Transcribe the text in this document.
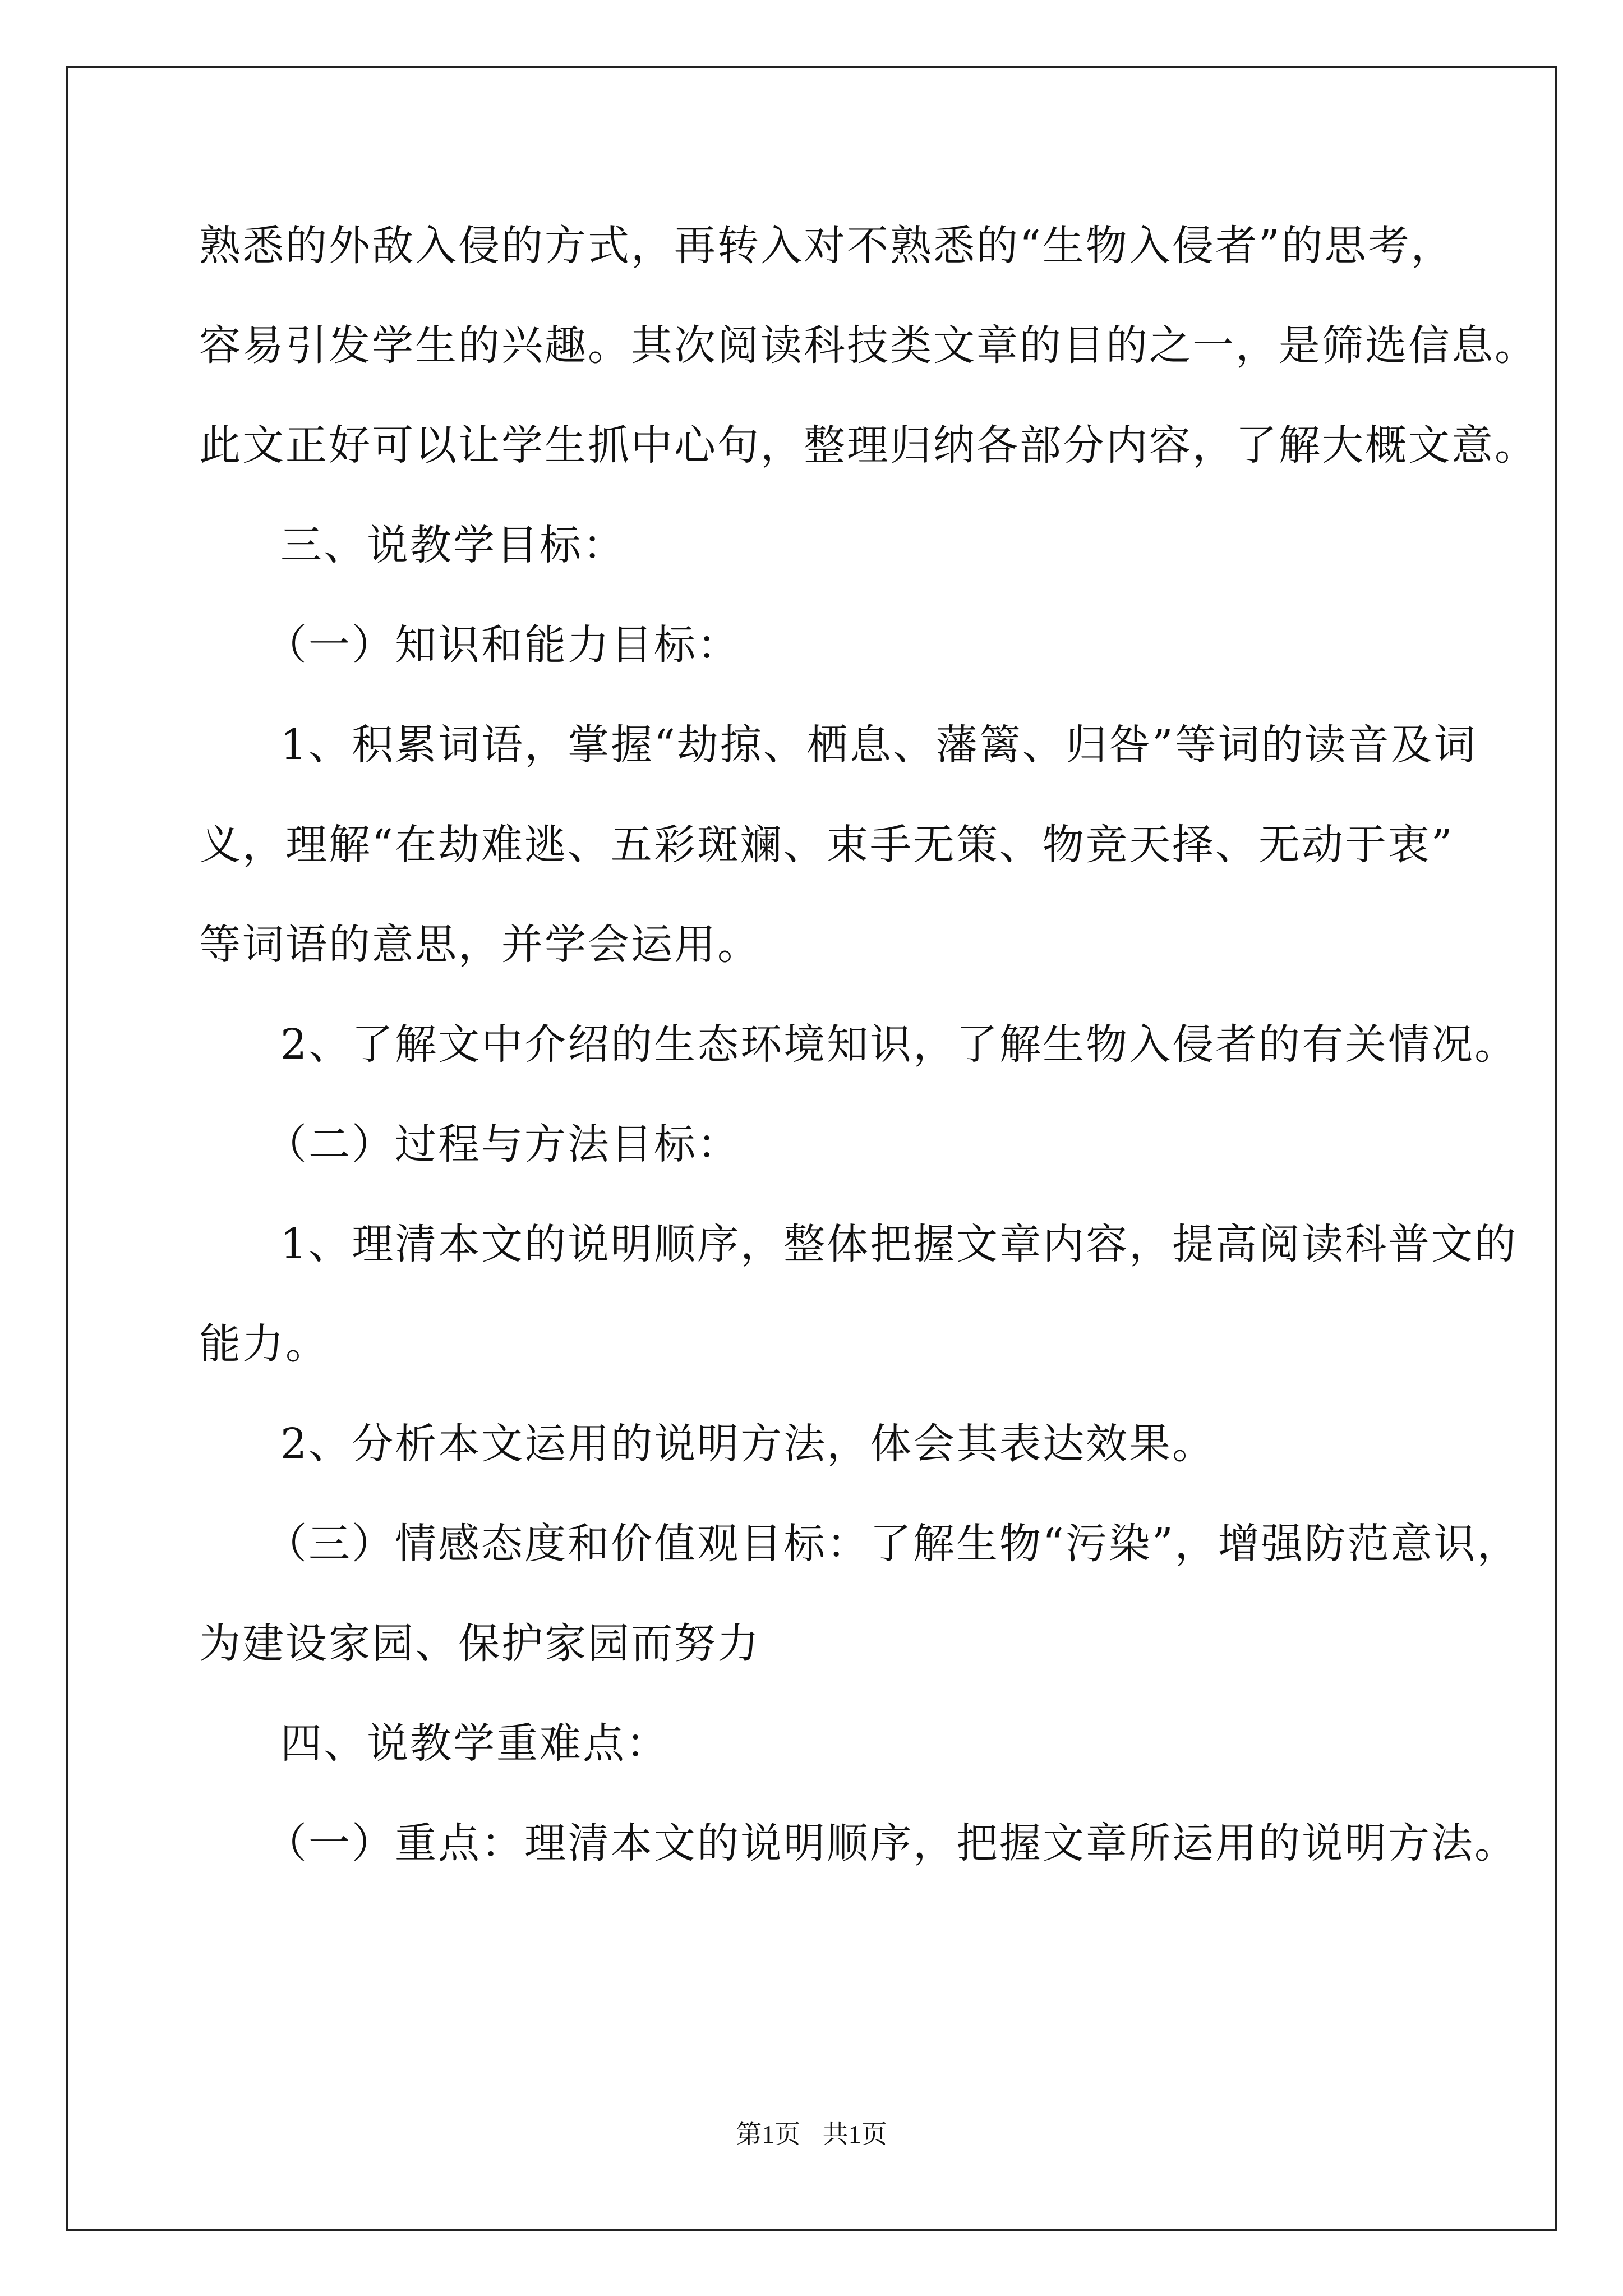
熟悉的外敌入侵的方式，再转入对不熟悉的“生物入侵者”的思考，
容易引发学生的兴趣。其次阅读科技类文章的目的之一，是筛选信息。
此文正好可以让学生抓中心句，整理归纳各部分内容，了解大概文意。
三、说教学目标：
（一）知识和能力目标：
1、积累词语，掌握“劫掠、栖息、藩篱、归咎”等词的读音及词
义，理解“在劫难逃、五彩斑斓、束手无策、物竞天择、无动于衷”
等词语的意思，并学会运用。
2、了解文中介绍的生态环境知识，了解生物入侵者的有关情况。
（二）过程与方法目标：
1、理清本文的说明顺序，整体把握文章内容，提高阅读科普文的
能力。
2、分析本文运用的说明方法，体会其表达效果。
（三）情感态度和价值观目标：了解生物“污染”，增强防范意识，
为建设家园、保护家园而努力
四、说教学重难点：
（一）重点：理清本文的说明顺序，把握文章所运用的说明方法。
第1页 共1页
